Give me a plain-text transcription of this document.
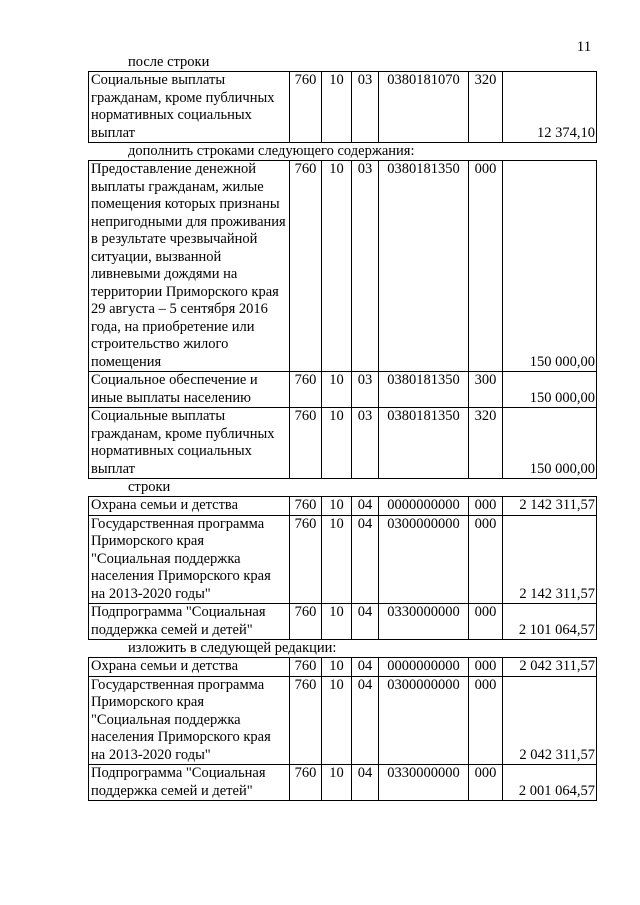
11
после строки
Социальные выплаты гражданам, кроме публичных нормативных социальных выплат	760	10	03	0380181070	320	12 374,10
дополнить строками следующего содержания:
Предоставление денежной выплаты гражданам, жилые помещения которых признаны непригодными для проживания в результате чрезвычайной ситуации, вызванной ливневыми дождями на территории Приморского края 29 августа – 5 сентября 2016 года, на приобретение или строительство жилого помещения	760	10	03	0380181350	000	150 000,00
Социальное обеспечение и иные выплаты населению	760	10	03	0380181350	300	150 000,00
Социальные выплаты гражданам, кроме публичных нормативных социальных выплат	760	10	03	0380181350	320	150 000,00
строки
Охрана семьи и детства	760	10	04	0000000000	000	2 142 311,57
Государственная программа Приморского края "Социальная поддержка населения Приморского края на 2013-2020 годы"	760	10	04	0300000000	000	2 142 311,57
Подпрограмма "Социальная поддержка семей и детей"	760	10	04	0330000000	000	2 101 064,57
изложить в следующей редакции:
Охрана семьи и детства	760	10	04	0000000000	000	2 042 311,57
Государственная программа Приморского края "Социальная поддержка населения Приморского края на 2013-2020 годы"	760	10	04	0300000000	000	2 042 311,57
Подпрограмма "Социальная поддержка семей и детей"	760	10	04	0330000000	000	2 001 064,57
